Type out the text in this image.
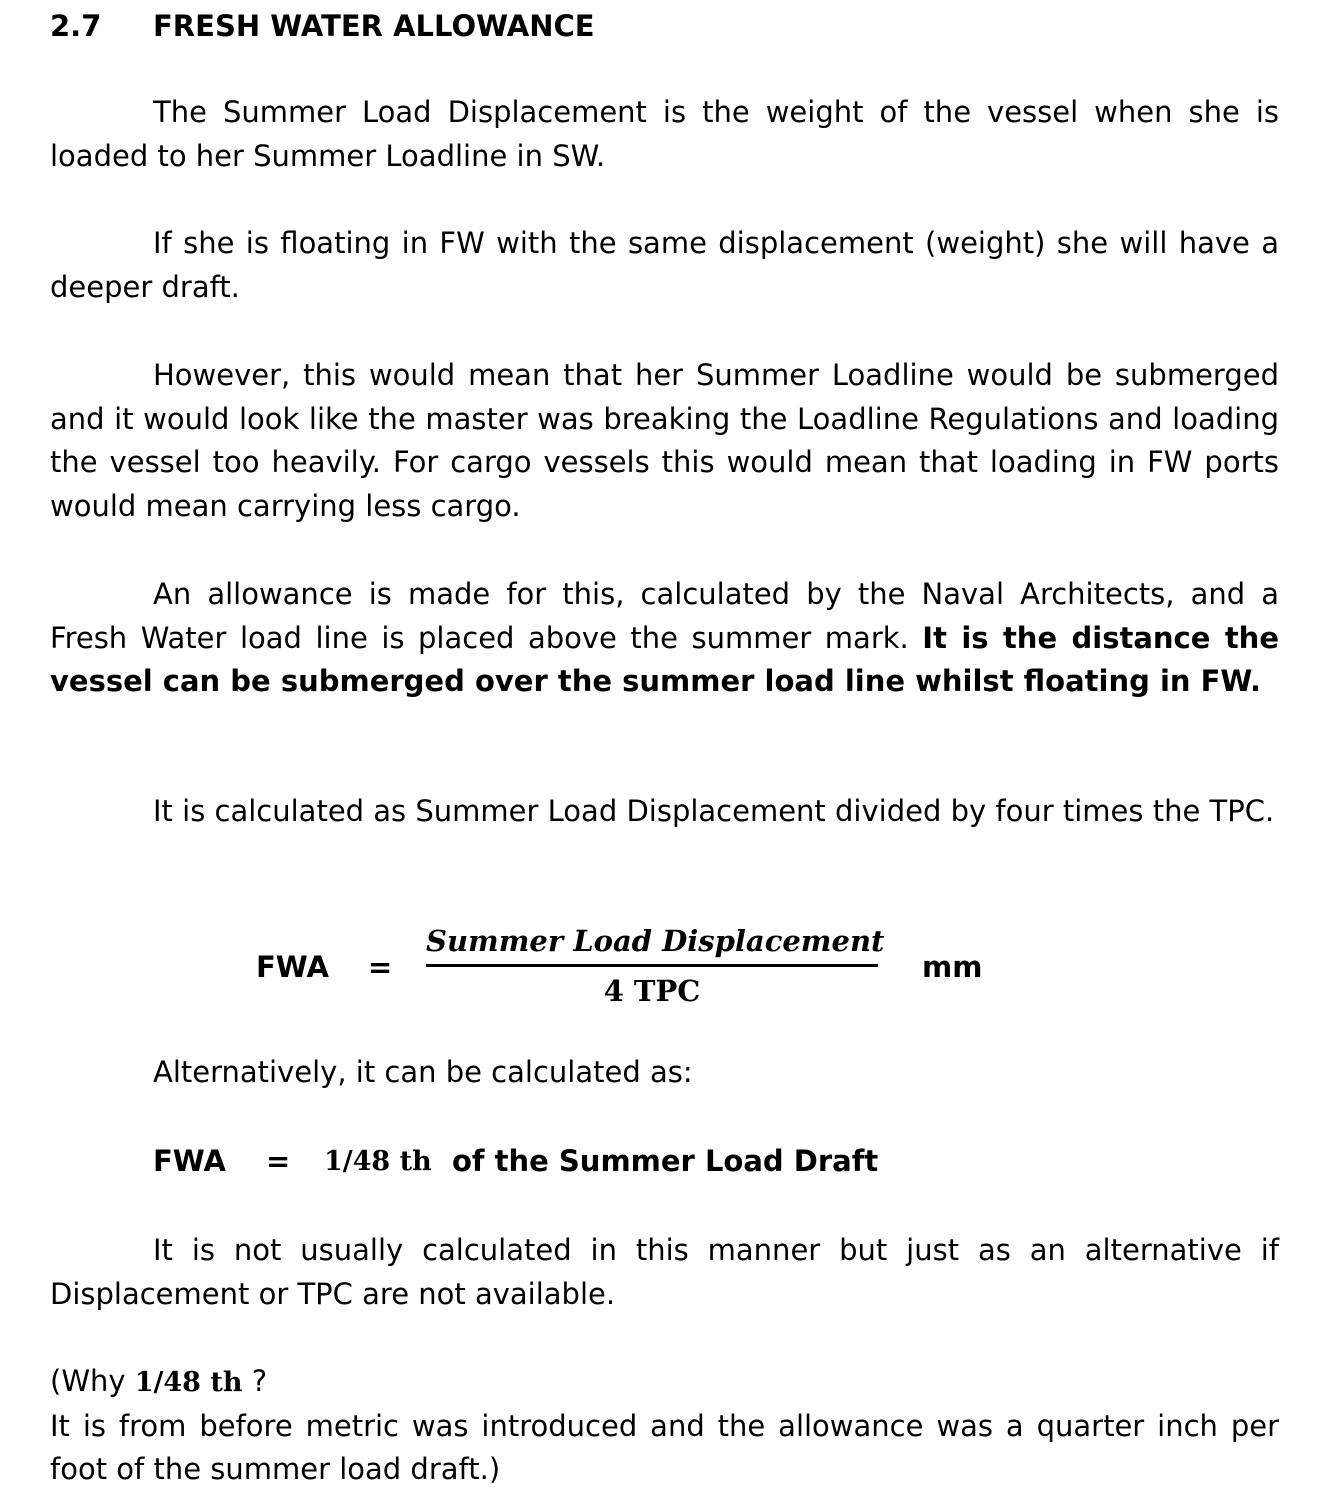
2.7 FRESH WATER ALLOWANCE

The Summer Load Displacement is the weight of the vessel when she is loaded to her Summer Loadline in SW.

If she is floating in FW with the same displacement (weight) she will have a deeper draft.

However, this would mean that her Summer Loadline would be submerged and it would look like the master was breaking the Loadline Regulations and loading the vessel too heavily. For cargo vessels this would mean that loading in FW ports would mean carrying less cargo.

An allowance is made for this, calculated by the Naval Architects, and a Fresh Water load line is placed above the summer mark. It is the distance the vessel can be submerged over the summer load line whilst floating in FW.

It is calculated as Summer Load Displacement divided by four times the TPC.

FWA =
Summer Load Displacement
4 TPC
mm
Alternatively, it can be calculated as:
FWA = 1/48 th of the Summer Load Draft

It is not usually calculated in this manner but just as an alternative if Displacement or TPC are not available.

(Why 1/48 th ?
It is from before metric was introduced and the allowance was a quarter inch per foot of the summer load draft.)
